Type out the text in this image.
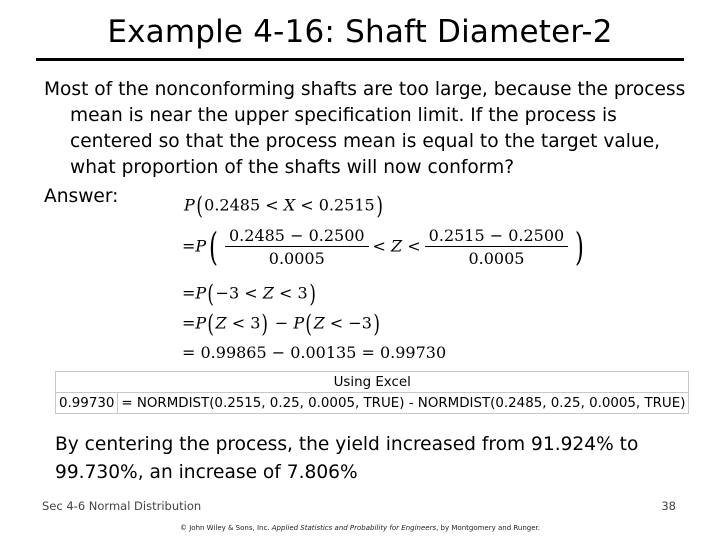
Example 4-16: Shaft Diameter-2
Most of the nonconforming shafts are too large, because the process mean is near the upper specification limit. If the process is centered so that the process mean is equal to the target value, what proportion of the shafts will now conform?
Answer:	P(0.2485 < X < 0.2515)
$=P( \frac{0.2485 - 0.2500}{0.0005} < Z < \frac{0.2515 - 0.2500}{0.0005}$ )
=P(−3 < Z < 3)
=P(Z < 3) − P(Z < −3)
= 0.99865 − 0.00135 = 0.99730
Using Excel
0.99730	= NORMDIST(0.2515, 0.25, 0.0005, TRUE) - NORMDIST(0.2485, 0.25, 0.0005, TRUE)
By centering the process, the yield increased from 91.924% to 99.730%, an increase of 7.806%
Sec 4-6 Normal Distribution	38
© John Wiley & Sons, Inc. Applied Statistics and Probability for Engineers, by Montgomery and Runger.
